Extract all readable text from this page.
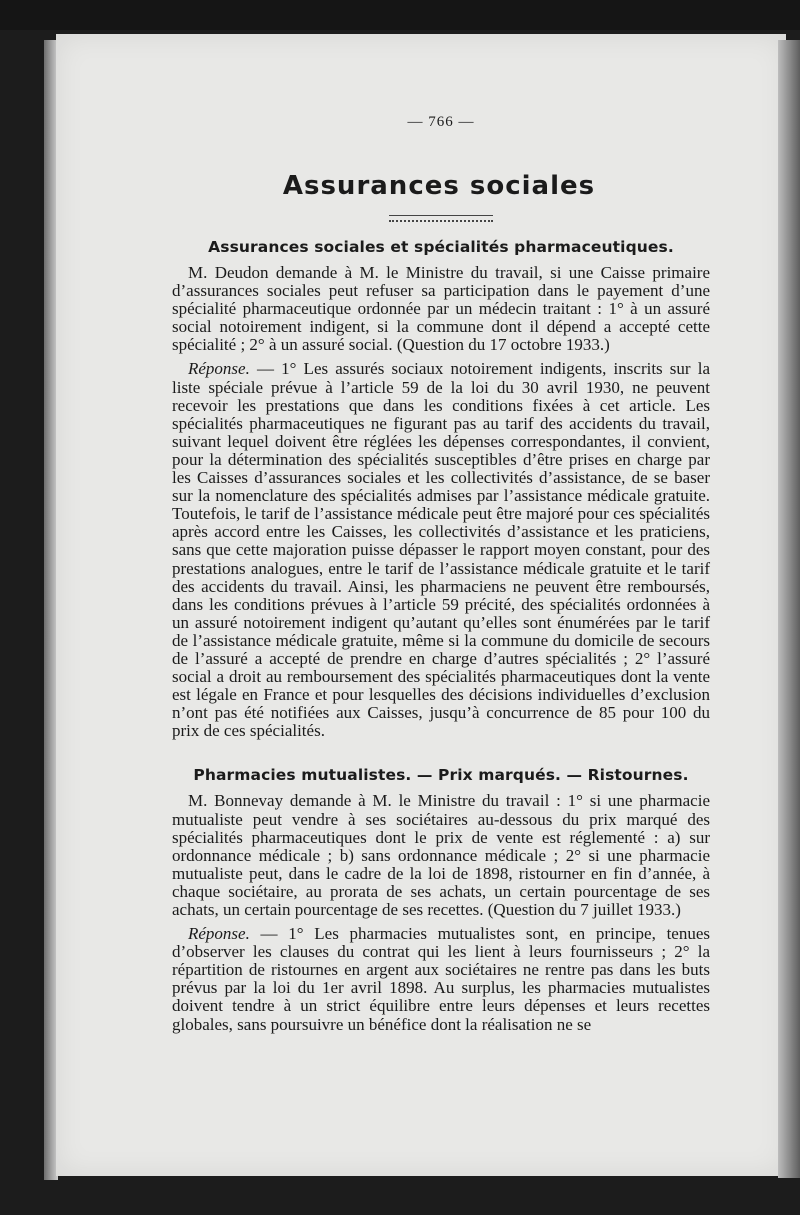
— 766 —
Assurances sociales
Assurances sociales et spécialités pharmaceutiques.

M. Deudon demande à M. le Ministre du travail, si une Caisse primaire d’assurances sociales peut refuser sa participation dans le payement d’une spécialité pharmaceutique ordonnée par un médecin traitant : 1° à un assuré social notoirement indigent, si la commune dont il dépend a accepté cette spécialité ; 2° à un assuré social. (Question du 17 octobre 1933.)

Réponse. — 1° Les assurés sociaux notoirement indigents, inscrits sur la liste spéciale prévue à l’article 59 de la loi du 30 avril 1930, ne peuvent recevoir les prestations que dans les conditions fixées à cet article. Les spécialités pharmaceutiques ne figurant pas au tarif des accidents du travail, suivant lequel doivent être réglées les dépenses correspondantes, il convient, pour la détermination des spécialités susceptibles d’être prises en charge par les Caisses d’assurances sociales et les collectivités d’assistance, de se baser sur la nomenclature des spécialités admises par l’assistance médicale gratuite. Toutefois, le tarif de l’assistance médicale peut être majoré pour ces spécialités après accord entre les Caisses, les collectivités d’assistance et les praticiens, sans que cette majoration puisse dépasser le rapport moyen constant, pour des prestations analogues, entre le tarif de l’assistance médicale gratuite et le tarif des accidents du travail. Ainsi, les pharmaciens ne peuvent être remboursés, dans les conditions prévues à l’article 59 précité, des spécialités ordonnées à un assuré notoirement indigent qu’autant qu’elles sont énumérées par le tarif de l’assistance médicale gratuite, même si la commune du domicile de secours de l’assuré a accepté de prendre en charge d’autres spécialités ; 2° l’assuré social a droit au remboursement des spécialités pharmaceutiques dont la vente est légale en France et pour lesquelles des décisions individuelles d’exclusion n’ont pas été notifiées aux Caisses, jusqu’à concurrence de 85 pour 100 du prix de ces spécialités.

Pharmacies mutualistes. — Prix marqués. — Ristournes.

M. Bonnevay demande à M. le Ministre du travail : 1° si une pharmacie mutualiste peut vendre à ses sociétaires au-dessous du prix marqué des spécialités pharmaceutiques dont le prix de vente est réglementé : a) sur ordonnance médicale ; b) sans ordonnance médicale ; 2° si une pharmacie mutualiste peut, dans le cadre de la loi de 1898, ristourner en fin d’année, à chaque sociétaire, au prorata de ses achats, un certain pourcentage de ses achats, un certain pourcentage de ses recettes. (Question du 7 juillet 1933.)

Réponse. — 1° Les pharmacies mutualistes sont, en principe, tenues d’observer les clauses du contrat qui les lient à leurs fournisseurs ; 2° la répartition de ristournes en argent aux sociétaires ne rentre pas dans les buts prévus par la loi du 1er avril 1898. Au surplus, les pharmacies mutualistes doivent tendre à un strict équilibre entre leurs dépenses et leurs recettes globales, sans poursuivre un bénéfice dont la réalisation ne se
